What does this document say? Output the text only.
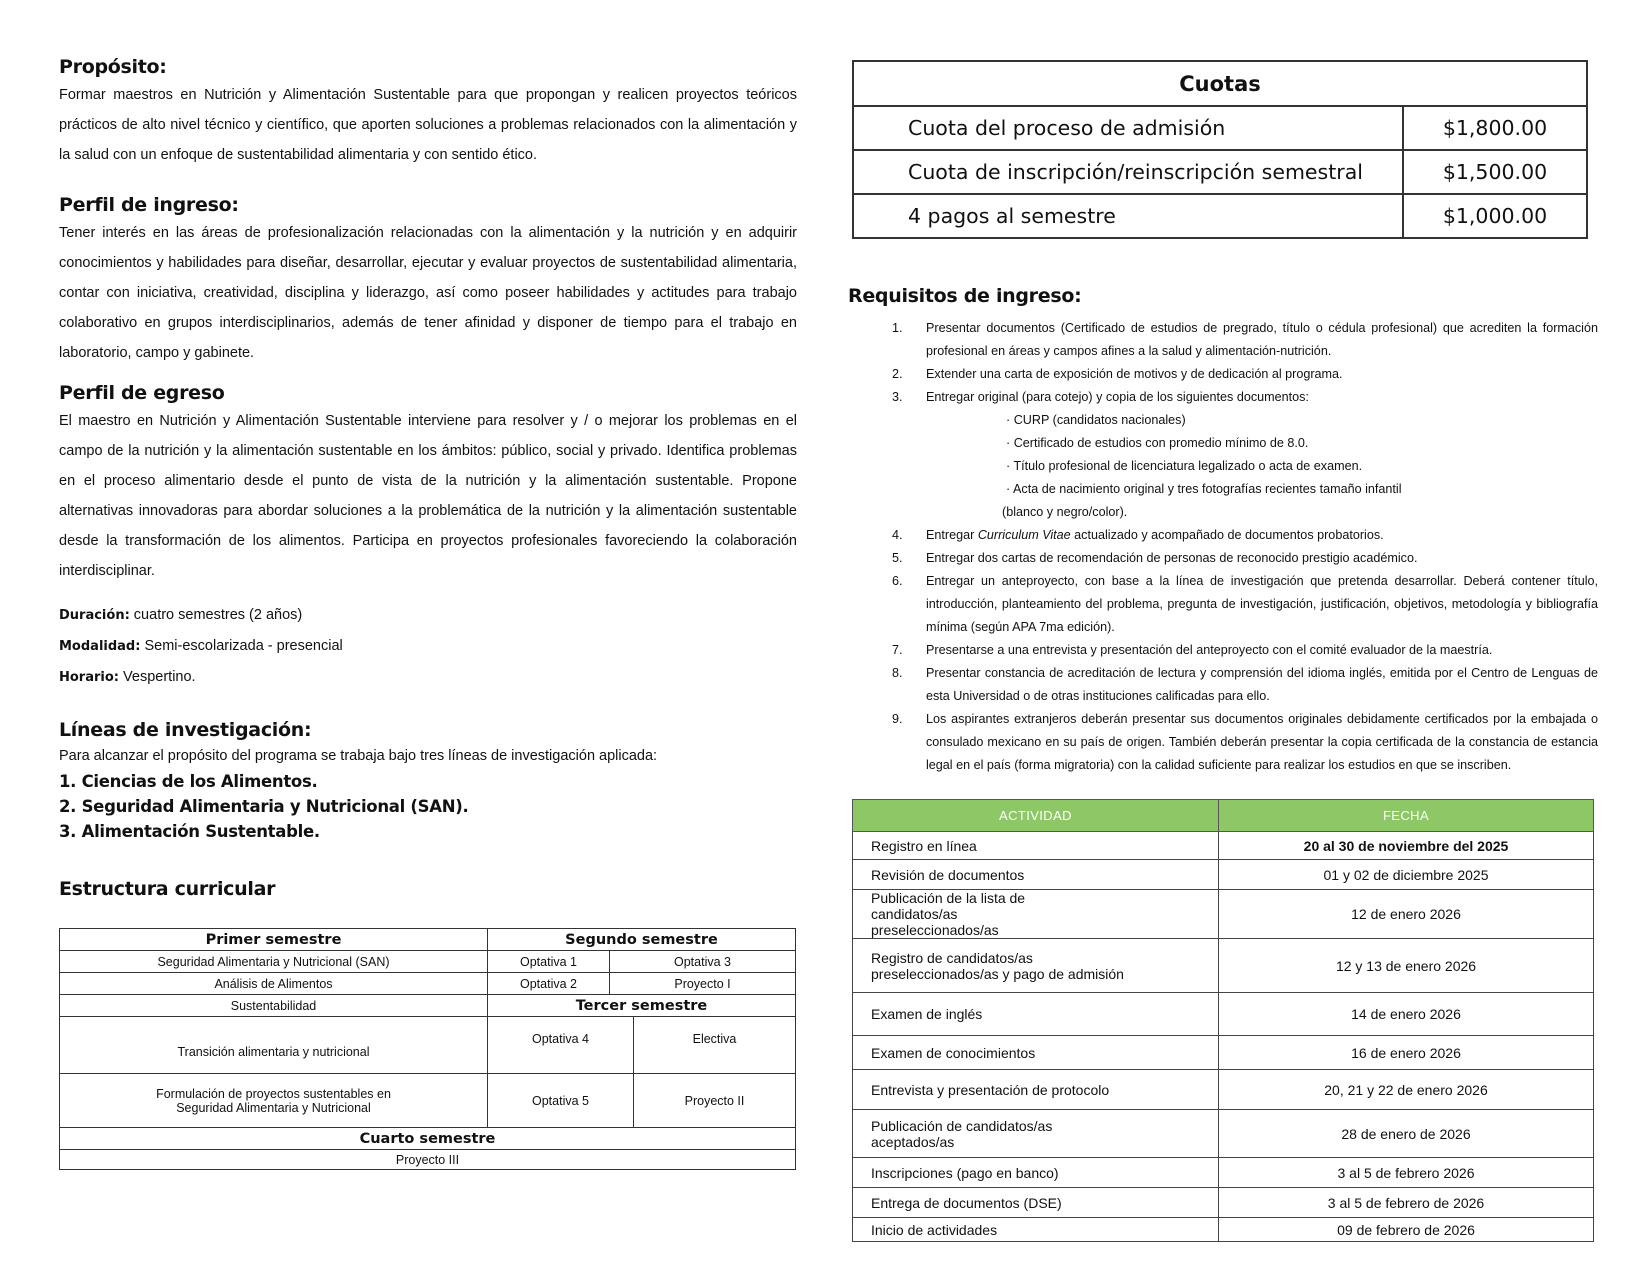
Propósito:
Formar maestros en Nutrición y Alimentación Sustentable para que propongan y realicen proyectos teóricos prácticos de alto nivel técnico y científico, que aporten soluciones a problemas relacionados con la alimentación y la salud con un enfoque de sustentabilidad alimentaria y con sentido ético.
Perfil de ingreso:
Tener interés en las áreas de profesionalización relacionadas con la alimentación y la nutrición y en adquirir conocimientos y habilidades para diseñar, desarrollar, ejecutar y evaluar proyectos de sustentabilidad alimentaria, contar con iniciativa, creatividad, disciplina y liderazgo, así como poseer habilidades y actitudes para trabajo colaborativo en grupos interdisciplinarios, además de tener afinidad y disponer de tiempo para el trabajo en laboratorio, campo y gabinete.
Perfil de egreso
El maestro en Nutrición y Alimentación Sustentable interviene para resolver y / o mejorar los problemas en el campo de la nutrición y la alimentación sustentable en los ámbitos: público, social y privado. Identifica problemas en el proceso alimentario desde el punto de vista de la nutrición y la alimentación sustentable. Propone alternativas innovadoras para abordar soluciones a la problemática de la nutrición y la alimentación sustentable desde la transformación de los alimentos. Participa en proyectos profesionales favoreciendo la colaboración interdisciplinar.
Duración: cuatro semestres (2 años)
Modalidad: Semi-escolarizada - presencial
Horario: Vespertino.
Líneas de investigación:
Para alcanzar el propósito del programa se trabaja bajo tres líneas de investigación aplicada:
1. Ciencias de los Alimentos.
2. Seguridad Alimentaria y Nutricional (SAN).
3. Alimentación Sustentable.
Estructura curricular
Primer semestre	Segundo semestre		
Seguridad Alimentaria y Nutricional (SAN)	Optativa 1	Optativa 3	
Análisis de Alimentos	Optativa 2	Proyecto I	
Sustentabilidad	Tercer semestre		
Transición alimentaria y nutricional	Optativa 4		Electiva
Formulación de proyectos sustentables en Seguridad Alimentaria y Nutricional	Optativa 5		Proyecto II
Cuarto semestre			
Proyecto III			
Cuotas	
Cuota del proceso de admisión	$1,800.00
Cuota de inscripción/reinscripción semestral	$1,500.00
4 pagos al semestre	$1,000.00
Requisitos de ingreso:
1.	Presentar documentos (Certificado de estudios de pregrado, título o cédula profesional) que acrediten la formación profesional en áreas y campos afines a la salud y alimentación-nutrición.
2.	Extender una carta de exposición de motivos y de dedicación al programa.
3.	Entregar original (para cotejo) y copia de los siguientes documentos:
· CURP (candidatos nacionales)
· Certificado de estudios con promedio mínimo de 8.0.
· Título profesional de licenciatura legalizado o acta de examen.
· Acta de nacimiento original y tres fotografías recientes tamaño infantil
(blanco y negro/color).
4.	Entregar Curriculum Vitae actualizado y acompañado de documentos probatorios.
5.	Entregar dos cartas de recomendación de personas de reconocido prestigio académico.
6.	Entregar un anteproyecto, con base a la línea de investigación que pretenda desarrollar. Deberá contener título, introducción, planteamiento del problema, pregunta de investigación, justificación, objetivos, metodología y bibliografía mínima (según APA 7ma edición).
7.	Presentarse a una entrevista y presentación del anteproyecto con el comité evaluador de la maestría.
8.	Presentar constancia de acreditación de lectura y comprensión del idioma inglés, emitida por el Centro de Lenguas de esta Universidad o de otras instituciones calificadas para ello.
9.	Los aspirantes extranjeros deberán presentar sus documentos originales debidamente certificados por la embajada o consulado mexicano en su país de origen. También deberán presentar la copia certificada de la constancia de estancia legal en el país (forma migratoria) con la calidad suficiente para realizar los estudios en que se inscriben.
ACTIVIDAD	FECHA
Registro en línea	20 al 30 de noviembre del 2025
Revisión de documentos	01 y 02 de diciembre 2025
Publicación de la lista de candidatos/as preseleccionados/as	12 de enero 2026
Registro de candidatos/as preseleccionados/as y pago de admisión	12 y 13 de enero 2026
Examen de inglés	14 de enero 2026
Examen de conocimientos	16 de enero 2026
Entrevista y presentación de protocolo	20, 21 y 22 de enero 2026
Publicación de candidatos/as aceptados/as	28 de enero de 2026
Inscripciones (pago en banco)	3 al 5 de febrero 2026
Entrega de documentos (DSE)	3 al 5 de febrero de 2026
Inicio de actividades	09 de febrero de 2026
